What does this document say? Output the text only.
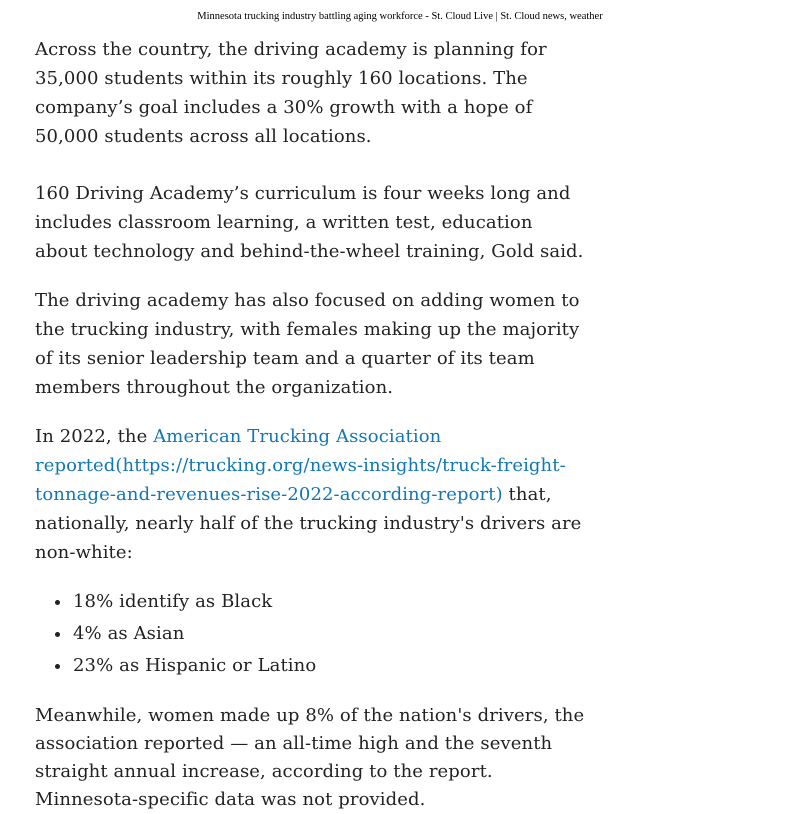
Minnesota trucking industry battling aging workforce - St. Cloud Live | St. Cloud news, weather

Across the country, the driving academy is planning for 35,000 students within its roughly 160 locations. The company’s goal includes a 30% growth with a hope of 50,000 students across all locations.

160 Driving Academy’s curriculum is four weeks long and includes classroom learning, a written test, education about technology and behind-the-wheel training, Gold said.

The driving academy has also focused on adding women to the trucking industry, with females making up the majority of its senior leadership team and a quarter of its team members throughout the organization.

In 2022, the American Trucking Association reported(https://trucking.org/news-insights/truck-freight-tonnage-and-revenues-rise-2022-according-report) that, nationally, nearly half of the trucking industry's drivers are non-white:

• 18% identify as Black
• 4% as Asian
• 23% as Hispanic or Latino

Meanwhile, women made up 8% of the nation's drivers, the association reported — an all-time high and the seventh straight annual increase, according to the report.
Minnesota-specific data was not provided.
